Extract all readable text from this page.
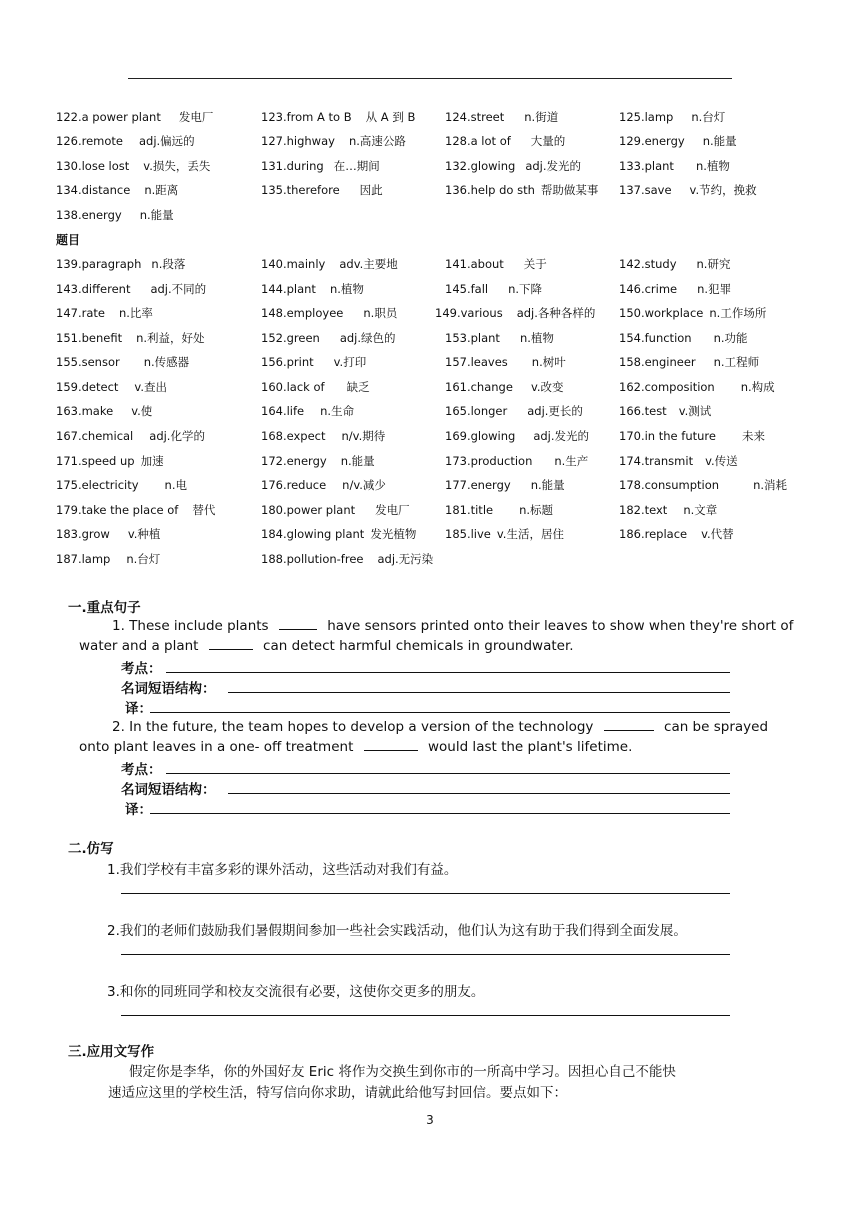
122.a power plant 发电厂	123.from A to B 从 A 到 B	124.street n.街道	125.lamp n.台灯
126.remote adj.偏远的	127.highway n.高速公路	128.a lot of 大量的	129.energy n.能量
130.lose lost v.损失，丢失	131.during 在…期间	132.glowing adj.发光的	133.plant n.植物
134.distance n.距离	135.therefore 因此	136.help do sth 帮助做某事 137.save v.节约，挽救
138.energy n.能量
139.paragraph n.段落	140.mainly adv.主要地	141.about 关于	142.study n.研究
143.different adj.不同的	144.plant n.植物	145.fall n.下降	146.crime n.犯罪
147.rate n.比率	148.employee n.职员	149.various adj.各种各样的 150.workplace n.工作场所
151.benefit n.利益，好处	152.green adj.绿色的	153.plant n.植物	154.function n.功能
155.sensor n.传感器	156.print v.打印	157.leaves n.树叶	158.engineer n.工程师
159.detect v.查出	160.lack of 缺乏	161.change v.改变	162.composition n.构成
163.make v.使	164.life n.生命	165.longer adj.更长的	166.test v.测试
167.chemical adj.化学的	168.expect n/v.期待	169.glowing adj.发光的	170.in the future 未来
171.speed up 加速	172.energy n.能量	173.production n.生产	174.transmit v.传送
175.electricity n.电	176.reduce n/v.减少	177.energy n.能量	178.consumption	n.消耗
179.take the place of 替代	180.power plant 发电厂	181.title n.标题	182.text n.文章
183.grow v.种植	184.glowing plant 发光植物 185.live v.生活，居住	186.replace v.代替
187.lamp n.台灯	188.pollution-free adj.无污染
题目
一.重点句子
1. These include plants	have sensors printed onto their leaves to show when they're short of
water and a plant	can detect harmful chemicals in groundwater.
考点：
名词短语结构：
译：
2. In the future, the team hopes to develop a version of the technology	can be sprayed
onto plant leaves in a one- off treatment	would last the plant's lifetime.
考点：
名词短语结构：
译：
二.仿写
1.我们学校有丰富多彩的课外活动，这些活动对我们有益。
2.我们的老师们鼓励我们暑假期间参加一些社会实践活动，他们认为这有助于我们得到全面发展。
3.和你的同班同学和校友交流很有必要，这使你交更多的朋友。
三.应用文写作
假定你是李华，你的外国好友 Eric 将作为交换生到你市的一所高中学习。因担心自己不能快
速适应这里的学校生活，特写信向你求助，请就此给他写封回信。要点如下：
3
